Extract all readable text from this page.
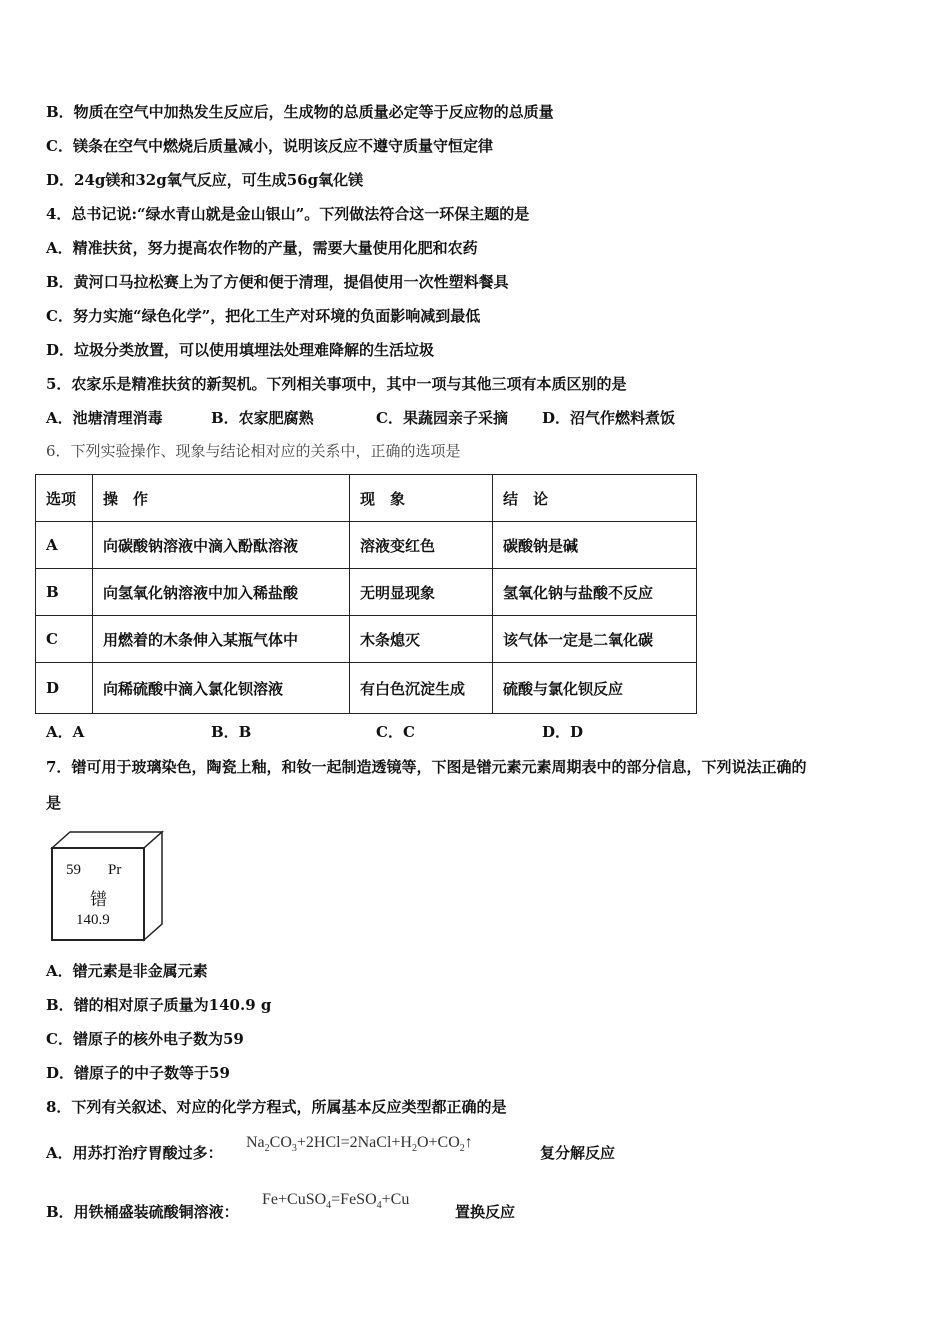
B．物质在空气中加热发生反应后，生成物的总质量必定等于反应物的总质量
C．镁条在空气中燃烧后质量减小，说明该反应不遵守质量守恒定律
D．24g镁和32g氧气反应，可生成56g氧化镁
4．总书记说:“绿水青山就是金山银山”。下列做法符合这一环保主题的是
A．精准扶贫，努力提高农作物的产量，需要大量使用化肥和农药
B．黄河口马拉松赛上为了方便和便于清理，提倡使用一次性塑料餐具
C．努力实施“绿色化学”，把化工生产对环境的负面影响减到最低
D．垃圾分类放置，可以使用填埋法处理难降解的生活垃圾
5．农家乐是精准扶贫的新契机。下列相关事项中，其中一项与其他三项有本质区别的是
A．池塘清理消毒	B．农家肥腐熟	C．果蔬园亲子采摘 D．沼气作燃料煮饭
6．下列实验操作、现象与结论相对应的关系中，正确的选项是
选项	操　作	现　象	结　论
A	向碳酸钠溶液中滴入酚酞溶液	溶液变红色	碳酸钠是碱
B	向氢氧化钠溶液中加入稀盐酸	无明显现象	氢氧化钠与盐酸不反应
C	用燃着的木条伸入某瓶气体中	木条熄灭	该气体一定是二氧化碳
D	向稀硫酸中滴入氯化钡溶液	有白色沉淀生成	硫酸与氯化钡反应
A．A	B．B	C．C	D．D
7．镨可用于玻璃染色，陶瓷上釉，和钕一起制造透镜等，下图是镨元素元素周期表中的部分信息，下列说法正确的
是
59 Pr
镨
140.9
A．镨元素是非金属元素
B．镨的相对原子质量为140.9 g
C．镨原子的核外电子数为59
D．镨原子的中子数等于59
8．下列有关叙述、对应的化学方程式，所属基本反应类型都正确的是
A．用苏打治疗胃酸过多：
$Na_2CO_3+2HCl=2NaCl+H_2O+CO_2↑$
复分解反应
B．用铁桶盛装硫酸铜溶液：
Fe+CuSO$_4$=FeSO$_4$+Cu
置换反应
